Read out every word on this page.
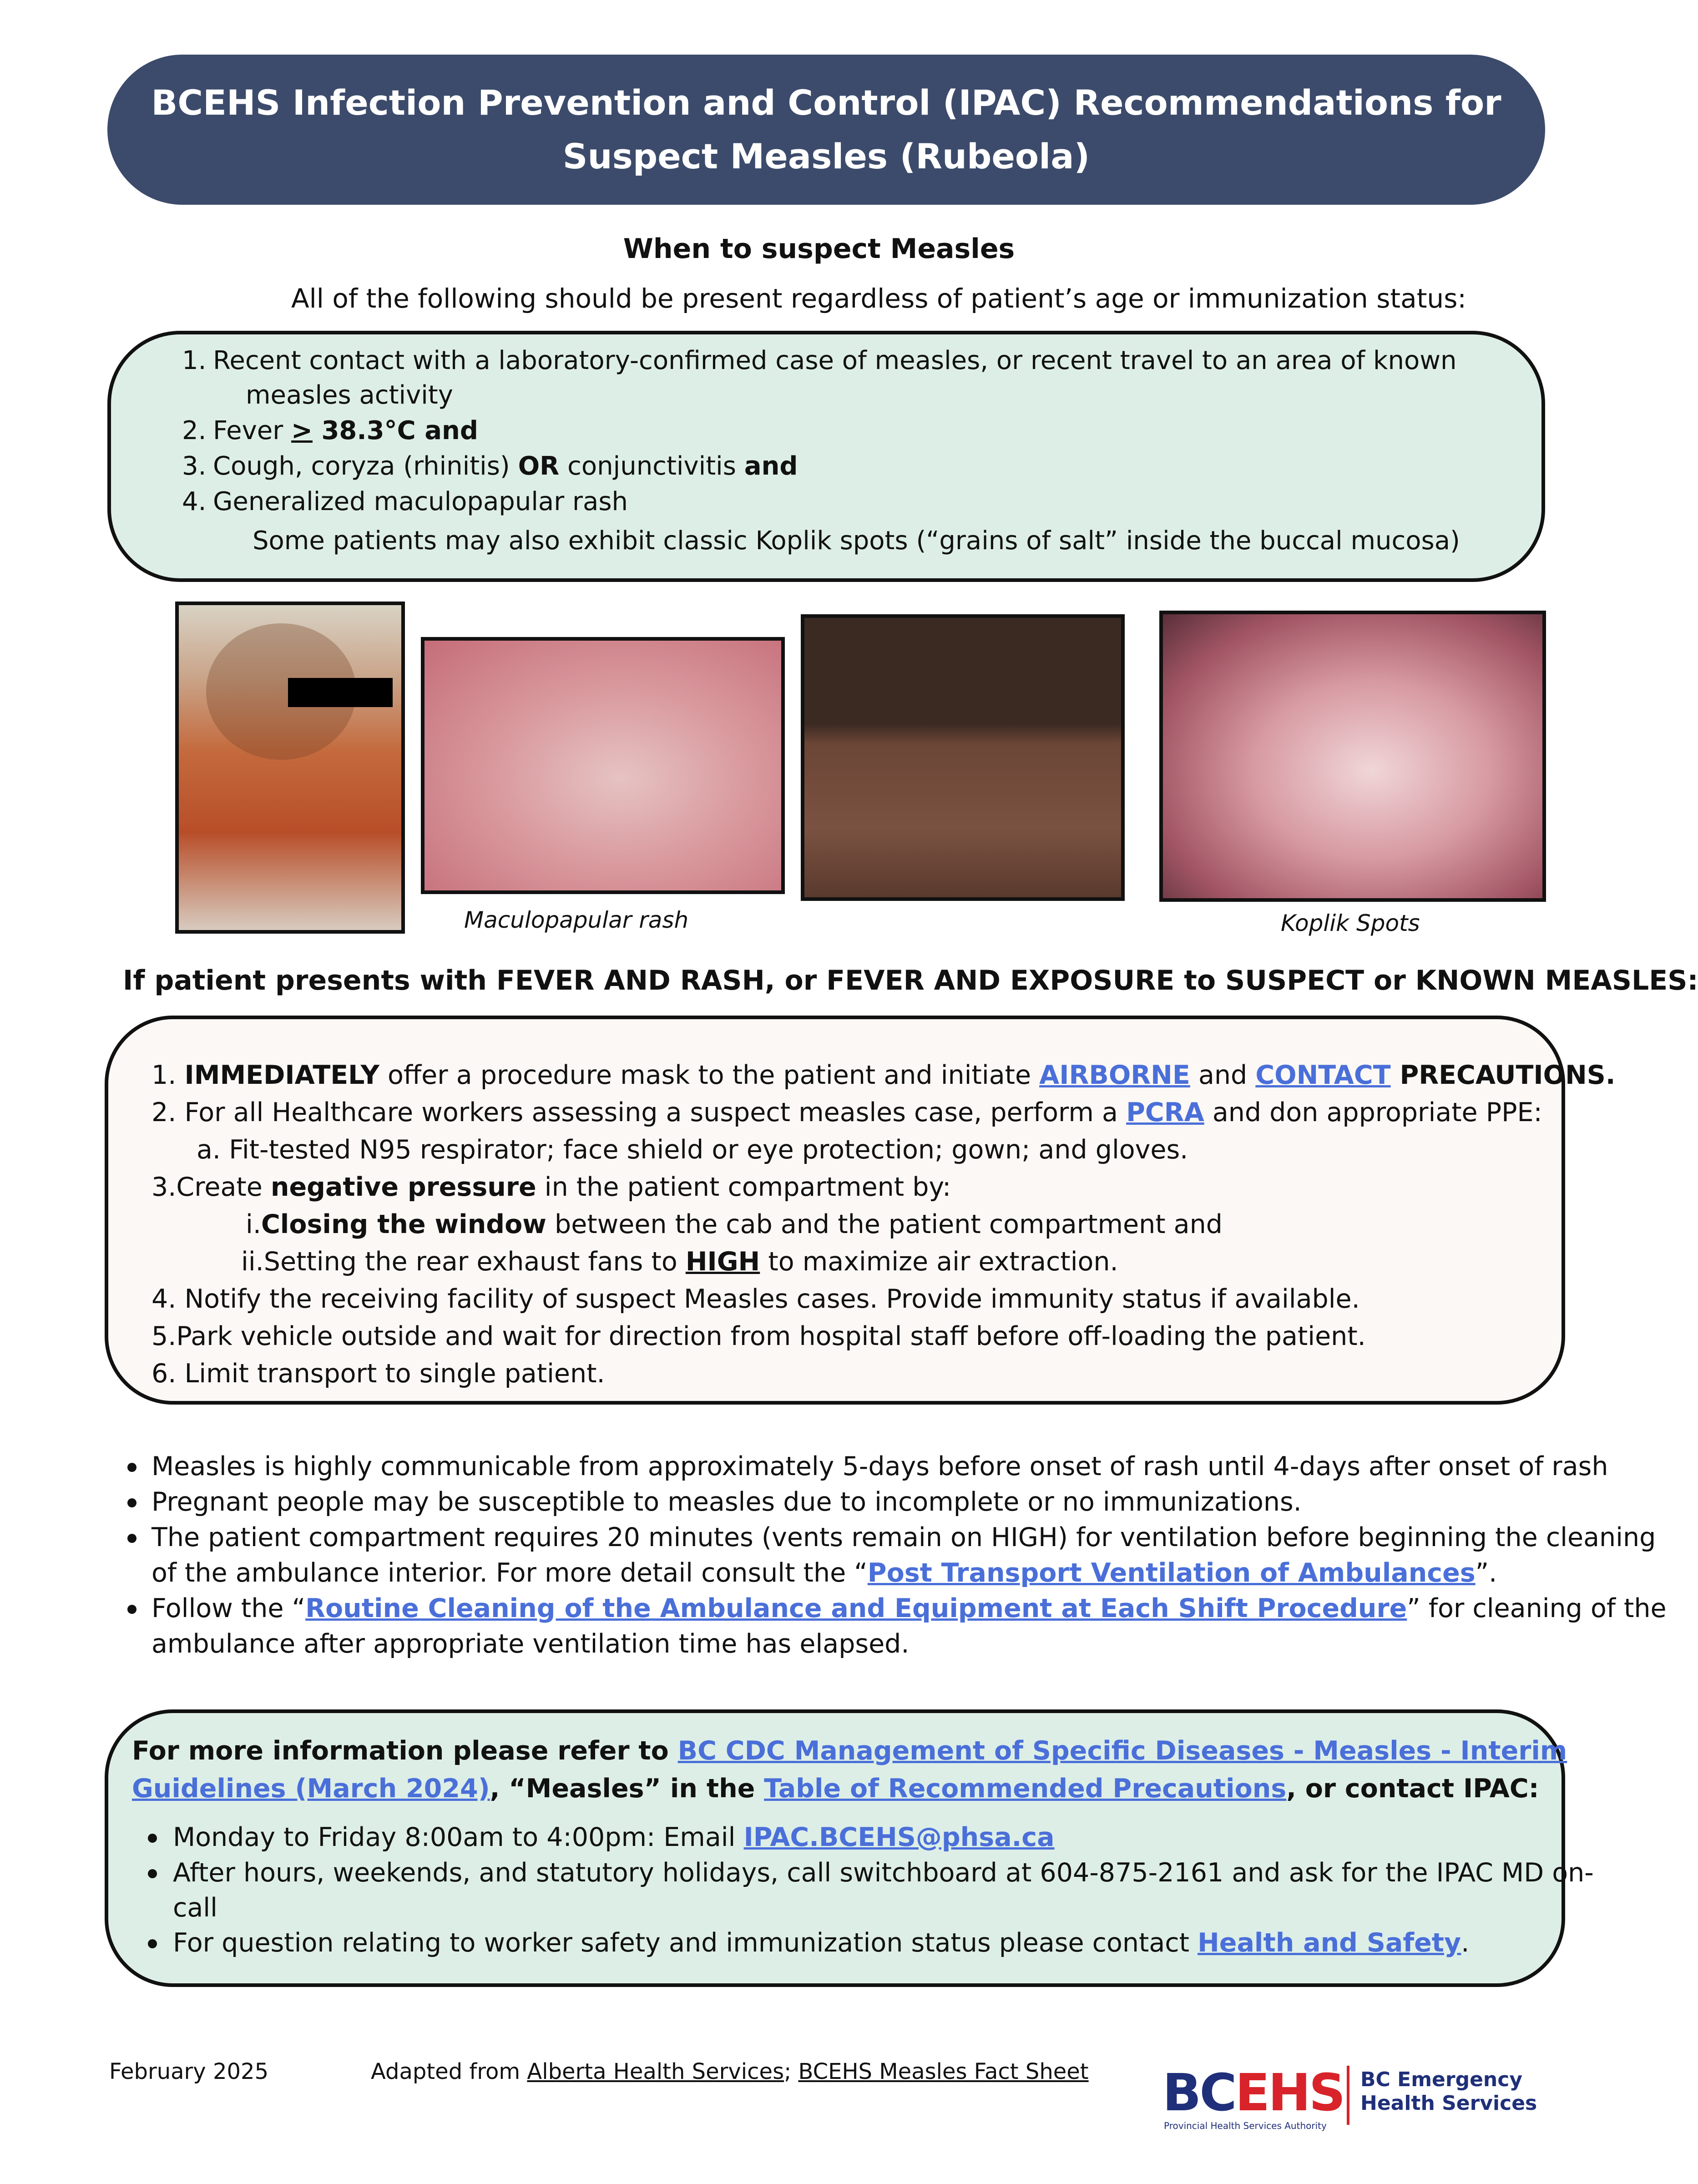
BCEHS Infection Prevention and Control (IPAC) Recommendations for
Suspect Measles (Rubeola)
When to suspect Measles
All of the following should be present regardless of patient’s age or immunization status:
1. Recent contact with a laboratory-confirmed case of measles, or recent travel to an area of known
measles activity
2. Fever > 38.3°C and
3. Cough, coryza (rhinitis) OR conjunctivitis and
4. Generalized maculopapular rash
Some patients may also exhibit classic Koplik spots (“grains of salt” inside the buccal mucosa)
Maculopapular rash	Koplik Spots
If patient presents with FEVER AND RASH, or FEVER AND EXPOSURE to SUSPECT or KNOWN MEASLES:
1. IMMEDIATELY offer a procedure mask to the patient and initiate AIRBORNE and CONTACT PRECAUTIONS.
2. For all Healthcare workers assessing a suspect measles case, perform a PCRA and don appropriate PPE:
a. Fit-tested N95 respirator; face shield or eye protection; gown; and gloves.
3.Create negative pressure in the patient compartment by:
i.Closing the window between the cab and the patient compartment and
ii.Setting the rear exhaust fans to HIGH to maximize air extraction.
4. Notify the receiving facility of suspect Measles cases. Provide immunity status if available.
5.Park vehicle outside and wait for direction from hospital staff before off-loading the patient.
6. Limit transport to single patient.
Measles is highly communicable from approximately 5-days before onset of rash until 4-days after onset of rash
Pregnant people may be susceptible to measles due to incomplete or no immunizations.
The patient compartment requires 20 minutes (vents remain on HIGH) for ventilation before beginning the cleaning
of the ambulance interior. For more detail consult the “Post Transport Ventilation of Ambulances”.
Follow the “Routine Cleaning of the Ambulance and Equipment at Each Shift Procedure” for cleaning of the
ambulance after appropriate ventilation time has elapsed.
For more information please refer to BC CDC Management of Specific Diseases - Measles - Interim
Guidelines (March 2024), “Measles” in the Table of Recommended Precautions, or contact IPAC:
Monday to Friday 8:00am to 4:00pm: Email IPAC.BCEHS@phsa.ca
After hours, weekends, and statutory holidays, call switchboard at 604-875-2161 and ask for the IPAC MD on-
call
For question relating to worker safety and immunization status please contact Health and Safety.
February 2025	Adapted from Alberta Health Services; BCEHS Measles Fact Sheet BCEHS BC Emergency
Health Services
Provincial Health Services Authority
